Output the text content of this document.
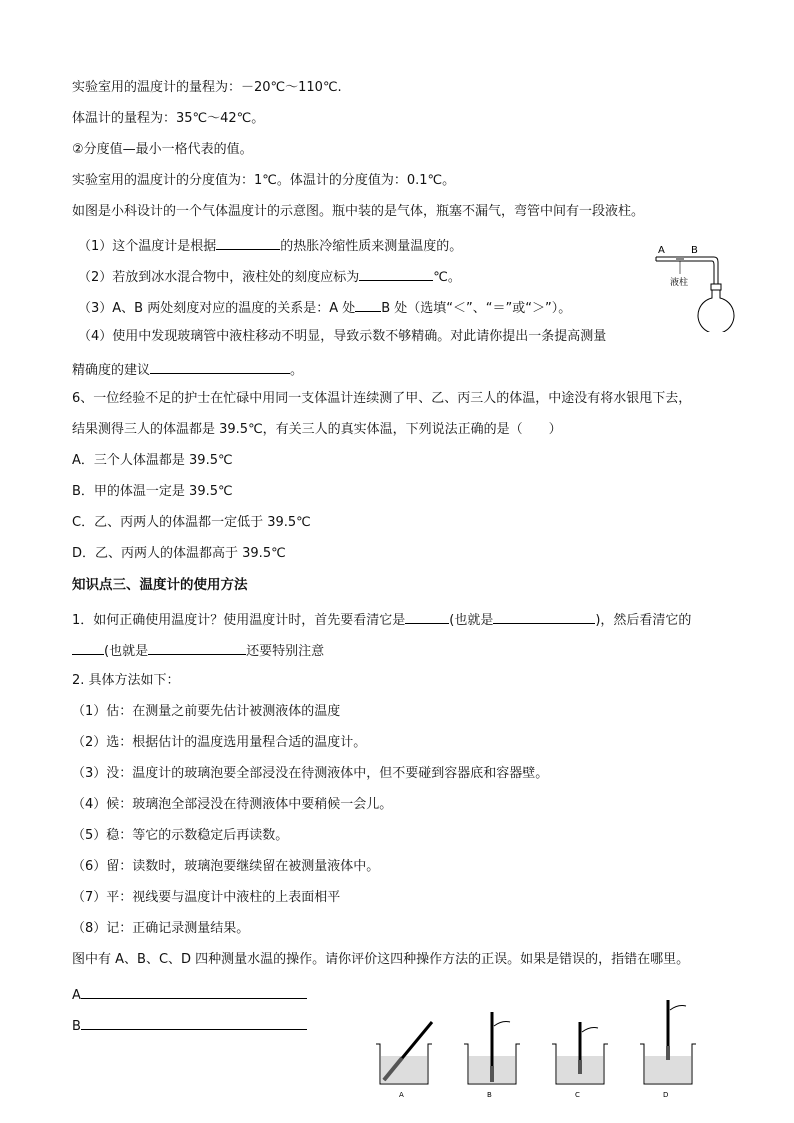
实验室用的温度计的量程为：－20℃～110℃.
体温计的量程为：35℃～42℃。
②分度值—最小一格代表的值。
实验室用的温度计的分度值为：1℃。体温计的分度值为：0.1℃。
如图是小科设计的一个气体温度计的示意图。瓶中装的是气体，瓶塞不漏气，弯管中间有一段液柱。
（1）这个温度计是根据	的热胀冷缩性质来测量温度的。
（2）若放到冰水混合物中，液柱处的刻度应标为	℃。
（3）A、B 两处刻度对应的温度的关系是：A 处 B 处（选填“＜”、“＝”或“＞”）。
（4）使用中发现玻璃管中液柱移动不明显，导致示数不够精确。对此请你提出一条提高测量
精确度的建议	。
A	B
液柱
6、一位经验不足的护士在忙碌中用同一支体温计连续测了甲、乙、丙三人的体温，中途没有将水银甩下去，
结果测得三人的体温都是 39.5℃，有关三人的真实体温，下列说法正确的是（　　）
A．三个人体温都是 39.5℃
B．甲的体温一定是 39.5℃
C．乙、丙两人的体温都一定低于 39.5℃
D．乙、丙两人的体温都高于 39.5℃
知识点三、温度计的使用方法
1．如何正确使用温度计？使用温度计时，首先要看清它是	(也就是	)，然后看清它的
(也就是	还要特别注意
2. 具体方法如下：
（1）估：在测量之前要先估计被测液体的温度
（2）选：根据估计的温度选用量程合适的温度计。
（3）没：温度计的玻璃泡要全部浸没在待测液体中，但不要碰到容器底和容器壁。
（4）候：玻璃泡全部浸没在待测液体中要稍候一会儿。
（5）稳：等它的示数稳定后再读数。
（6）留：读数时，玻璃泡要继续留在被测量液体中。
（7）平：视线要与温度计中液柱的上表面相平
（8）记：正确记录测量结果。
图中有 A、B、C、D 四种测量水温的操作。请你评价这四种操作方法的正误。如果是错误的，指错在哪里。
A
B
A	B	C	D
